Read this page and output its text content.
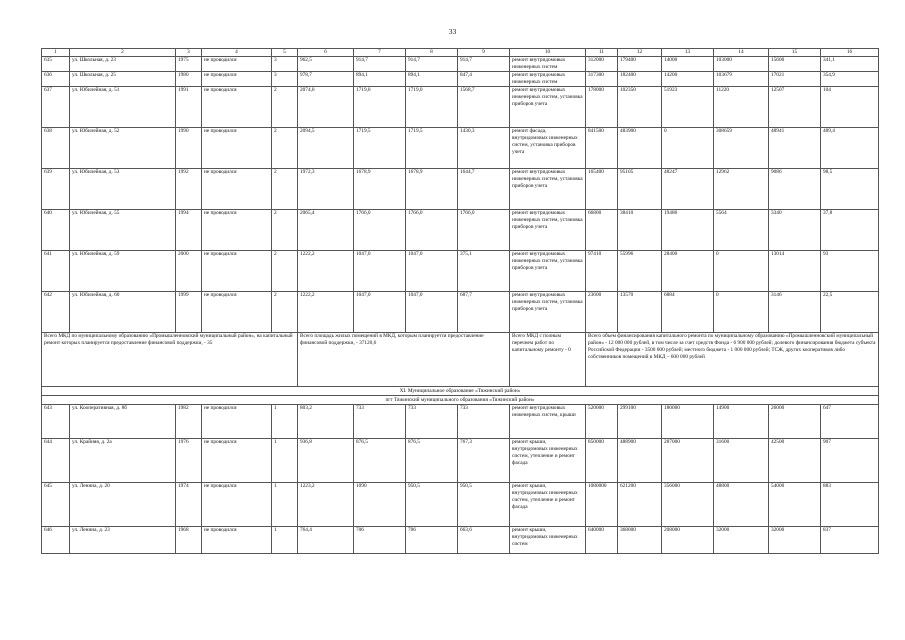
33
1	2	3	4	5	6	7	8	9	10	11	12	13	14	15	16
635	ул. Школьная, д. 23	1975	не проводился	3	962,5	914,7	914,7	914,7	ремонт внутридомовых инженерных систем	312000	179400	14000	103000	15600	341,1
636	ул. Школьная, д. 25	1980	не проводился	3	978,7	894,1	894,1	847,4	ремонт внутридомовых инженерных систем	317300	182400	14200	103679	17021	354,9
637	ул. Юбилейная, д. 51	1991	не проводился	2	2074,0	1719,0	1719,0	1568,7	ремонт внутридомовых инженерных систем, установка приборов учета	178000	102350	51923	11220	12507	104
638	ул. Юбилейная, д. 52	1990	не проводился	2	2094,5	1719,5	1719,5	1430,3	ремонт фасада, внутридомовых инженерных систем, установка приборов учета	841500	483900	0	308659	48941	489,4
639	ул. Юбилейная, д. 53	1992	не проводился	2	1972,3	1678,9	1678,9	1644,7	ремонт внутридомовых инженерных систем, установка приборов учета	165400	95105	48247	12962	9086	98,5
640	ул. Юбилейная, д. 55	1994	не проводился	2	2065,4	1766,0	1766,0	1766,0	ремонт внутридомовых инженерных систем, установка приборов учета	66800	38410	19486	5564	3340	37,8
641	ул. Юбилейная, д. 59	2000	не проводился	2	1222,2	1047,0	1047,0	375,1	ремонт внутридомовых инженерных систем, установка приборов учета	97410	55996	28400	0	13014	93
642	ул. Юбилейная, д. 60	1999	не проводился	2	1222,2	1047,0	1047,0	687,7	ремонт внутридомовых инженерных систем, установка приборов учета	23600	13570	6884	0	3146	22,5
Всего МКД по муниципальному образованию «Промышленновский муниципальный район», на капитальный ремонт которых планируется предоставление финансовой поддержки, - 35					Всего площадь жилых помещений в МКД, которым планируется предоставление финансовой поддержки, - 37120,6				Всего МКД с полным перечнем работ по капитальному ремонту - 0	Всего объем финансирования капитального ремонта по муниципальному образованию «Промышленновский муниципальный район» - 12 000 000 рублей, в том числе за счет средств Фонда - 6 900 000 рублей; долевого финансирования бюджета субъекта Российской Федерации - 3500 000 рублей; местного бюджета - 1 000 000 рублей; ТСЖ, других кооперативов либо собственников помещений в МКД – 600 000 рублей					
XI. Муниципальное образование «Тяжинский район»															
пгт Тяжинский муниципального образования «Тяжинский район»															
643	ул. Кооперативная, д. 8б	1982	не проводился	1	803,2	733	733	733	ремонт внутридомовых инженерных систем, крыши	520000	299100	180000	14900	26000	647
644	ул. Крайняя, д. 2а	1976	не проводился	1	936,8	876,5	876,5	767,3	ремонт крыши, внутридомовых инженерных систем, утепление и ремонт фасада	850000	488900	287000	31600	42500	907
645	ул. Ленина, д. 20	1974	не проводился	1	1223,2	1090	950,5	950,5	ремонт крыши, внутридомовых инженерных систем, утепление и ремонт фасада	1080000	621200	356000	48800	54000	883
646	ул. Ленина, д. 23	1968	не проводился	1	764,4	706	706	663,6	ремонт крыши, внутридомовых инженерных систем	640000	368000	208000	32000	32000	837
